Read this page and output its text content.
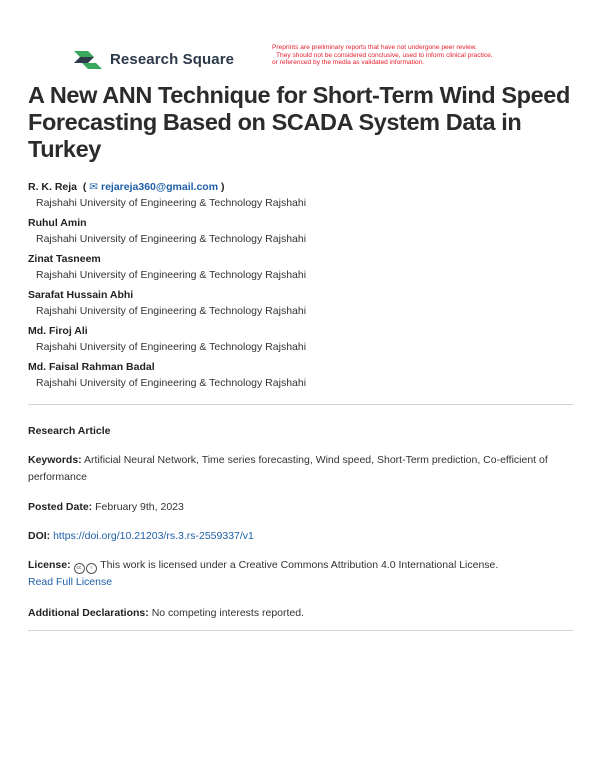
Research Square
Preprints are preliminary reports that have not undergone peer review.
They should not be considered conclusive, used to inform clinical practice,
or referenced by the media as validated information.
A New ANN Technique for Short-Term Wind Speed Forecasting Based on SCADA System Data in Turkey
R. K. Reja  ( ✉ rejareja360@gmail.com )
Rajshahi University of Engineering & Technology Rajshahi
Ruhul Amin
Rajshahi University of Engineering & Technology Rajshahi
Zinat Tasneem
Rajshahi University of Engineering & Technology Rajshahi
Sarafat Hussain Abhi
Rajshahi University of Engineering & Technology Rajshahi
Md. Firoj Ali
Rajshahi University of Engineering & Technology Rajshahi
Md. Faisal Rahman Badal
Rajshahi University of Engineering & Technology Rajshahi
Research Article
Keywords: Artificial Neural Network, Time series forecasting, Wind speed, Short-Term prediction, Co-efficient of performance
Posted Date: February 9th, 2023
DOI: https://doi.org/10.21203/rs.3.rs-2559337/v1
License: cc i This work is licensed under a Creative Commons Attribution 4.0 International License.
Read Full License
Additional Declarations: No competing interests reported.
